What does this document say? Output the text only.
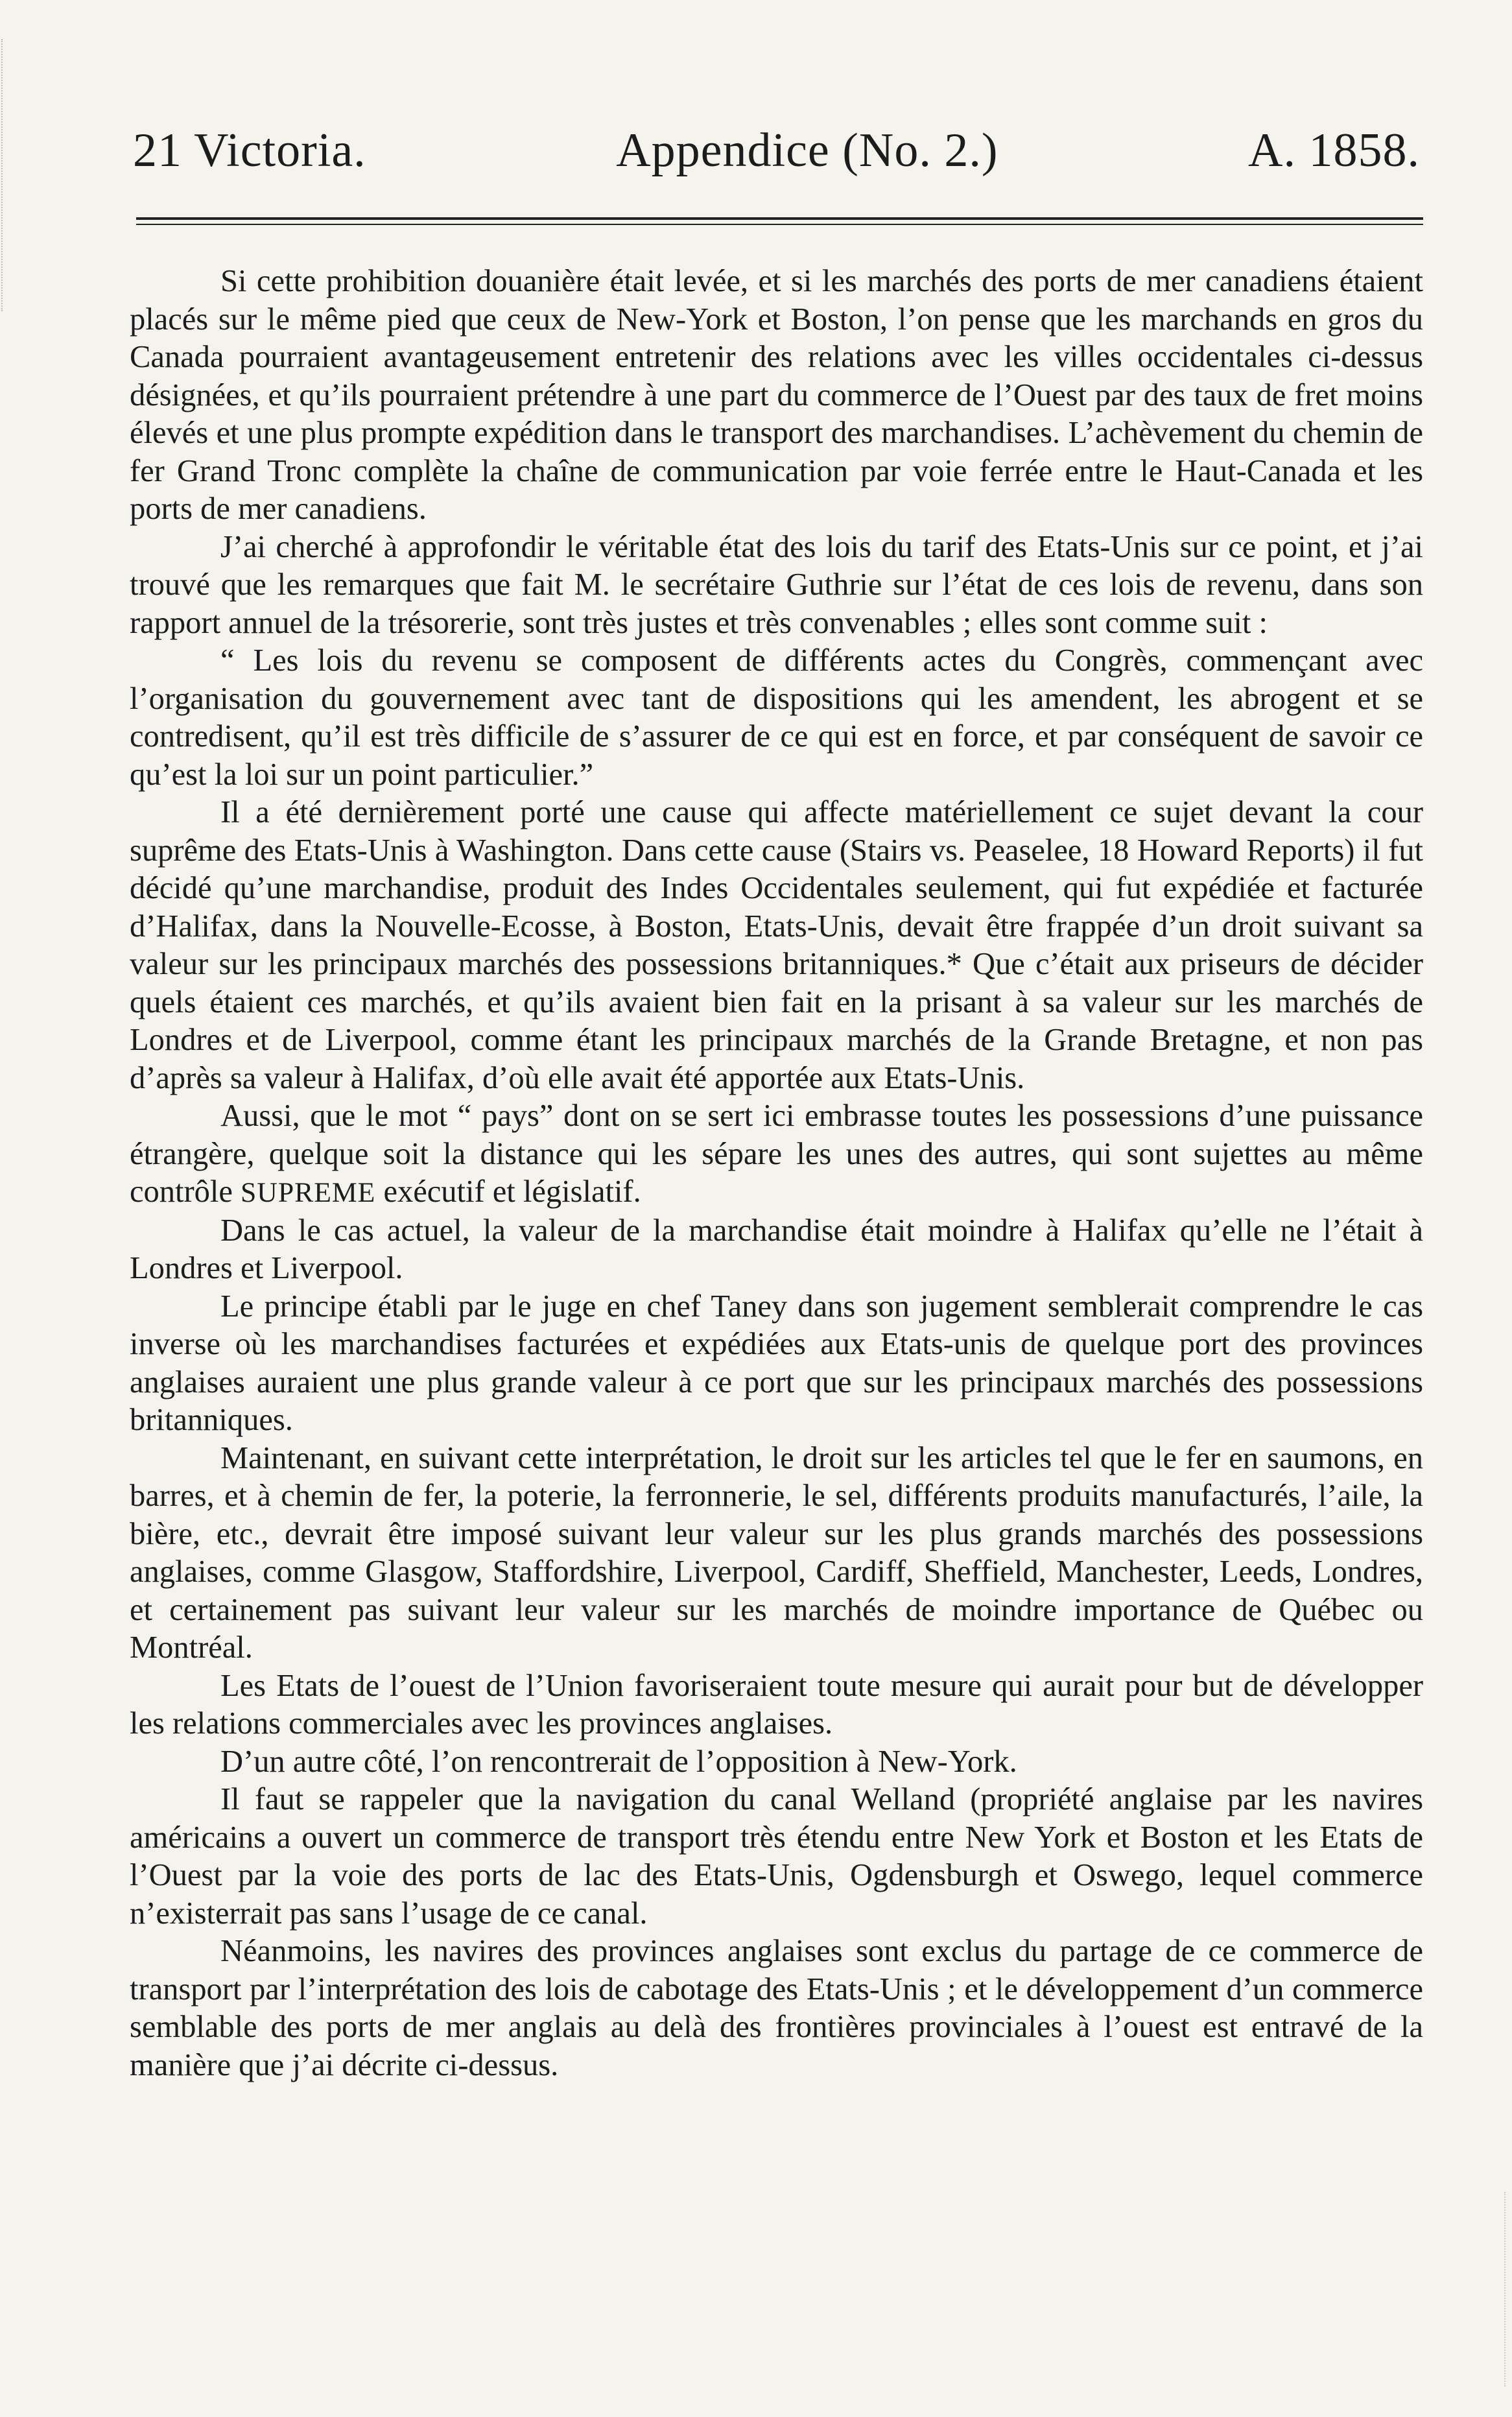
21 Victoria.	Appendice (No. 2.)	A. 1858.

Si cette prohibition douanière était levée, et si les marchés des ports de mer canadiens étaient placés sur le même pied que ceux de New-York et Boston, l’on pense que les marchands en gros du Canada pourraient avantageusement entretenir des relations avec les villes occidentales ci-dessus désignées, et qu’ils pourraient prétendre à une part du commerce de l’Ouest par des taux de fret moins élevés et une plus prompte expédition dans le transport des marchandises. L’achèvement du chemin de fer Grand Tronc complète la chaîne de communication par voie ferrée entre le Haut-Canada et les ports de mer canadiens.

J’ai cherché à approfondir le véritable état des lois du tarif des Etats-Unis sur ce point, et j’ai trouvé que les remarques que fait M. le secrétaire Guthrie sur l’état de ces lois de revenu, dans son rapport annuel de la trésorerie, sont très justes et très convenables ; elles sont comme suit :

“ Les lois du revenu se composent de différents actes du Congrès, commençant avec l’organisation du gouvernement avec tant de dispositions qui les amendent, les abrogent et se contredisent, qu’il est très difficile de s’assurer de ce qui est en force, et par conséquent de savoir ce qu’est la loi sur un point particulier.”

Il a été dernièrement porté une cause qui affecte matériellement ce sujet devant la cour suprême des Etats-Unis à Washington. Dans cette cause (Stairs vs. Peaselee, 18 Howard Reports) il fut décidé qu’une marchandise, produit des Indes Occidentales seulement, qui fut expédiée et facturée d’Halifax, dans la Nouvelle-Ecosse, à Boston, Etats-Unis, devait être frappée d’un droit suivant sa valeur sur les principaux marchés des possessions britanniques.* Que c’était aux priseurs de décider quels étaient ces marchés, et qu’ils avaient bien fait en la prisant à sa valeur sur les marchés de Londres et de Liverpool, comme étant les principaux marchés de la Grande Bretagne, et non pas d’après sa valeur à Halifax, d’où elle avait été apportée aux Etats-Unis.

Aussi, que le mot “ pays” dont on se sert ici embrasse toutes les possessions d’une puissance étrangère, quelque soit la distance qui les sépare les unes des autres, qui sont sujettes au même contrôle SUPREME exécutif et législatif.

Dans le cas actuel, la valeur de la marchandise était moindre à Halifax qu’elle ne l’était à Londres et Liverpool.

Le principe établi par le juge en chef Taney dans son jugement semblerait comprendre le cas inverse où les marchandises facturées et expédiées aux Etats-unis de quelque port des provinces anglaises auraient une plus grande valeur à ce port que sur les principaux marchés des possessions britanniques.

Maintenant, en suivant cette interprétation, le droit sur les articles tel que le fer en saumons, en barres, et à chemin de fer, la poterie, la ferronnerie, le sel, différents produits manufacturés, l’aile, la bière, etc., devrait être imposé suivant leur valeur sur les plus grands marchés des possessions anglaises, comme Glasgow, Staffordshire, Liverpool, Cardiff, Sheffield, Manchester, Leeds, Londres, et certainement pas suivant leur valeur sur les marchés de moindre importance de Québec ou Montréal.

Les Etats de l’ouest de l’Union favoriseraient toute mesure qui aurait pour but de développer les relations commerciales avec les provinces anglaises.

D’un autre côté, l’on rencontrerait de l’opposition à New-York.

Il faut se rappeler que la navigation du canal Welland (propriété anglaise par les navires américains a ouvert un commerce de transport très étendu entre New York et Boston et les Etats de l’Ouest par la voie des ports de lac des Etats-Unis, Ogdensburgh et Oswego, lequel commerce n’existerrait pas sans l’usage de ce canal.

Néanmoins, les navires des provinces anglaises sont exclus du partage de ce commerce de transport par l’interprétation des lois de cabotage des Etats-Unis ; et le développement d’un commerce semblable des ports de mer anglais au delà des frontières provinciales à l’ouest est entravé de la manière que j’ai décrite ci-dessus.
